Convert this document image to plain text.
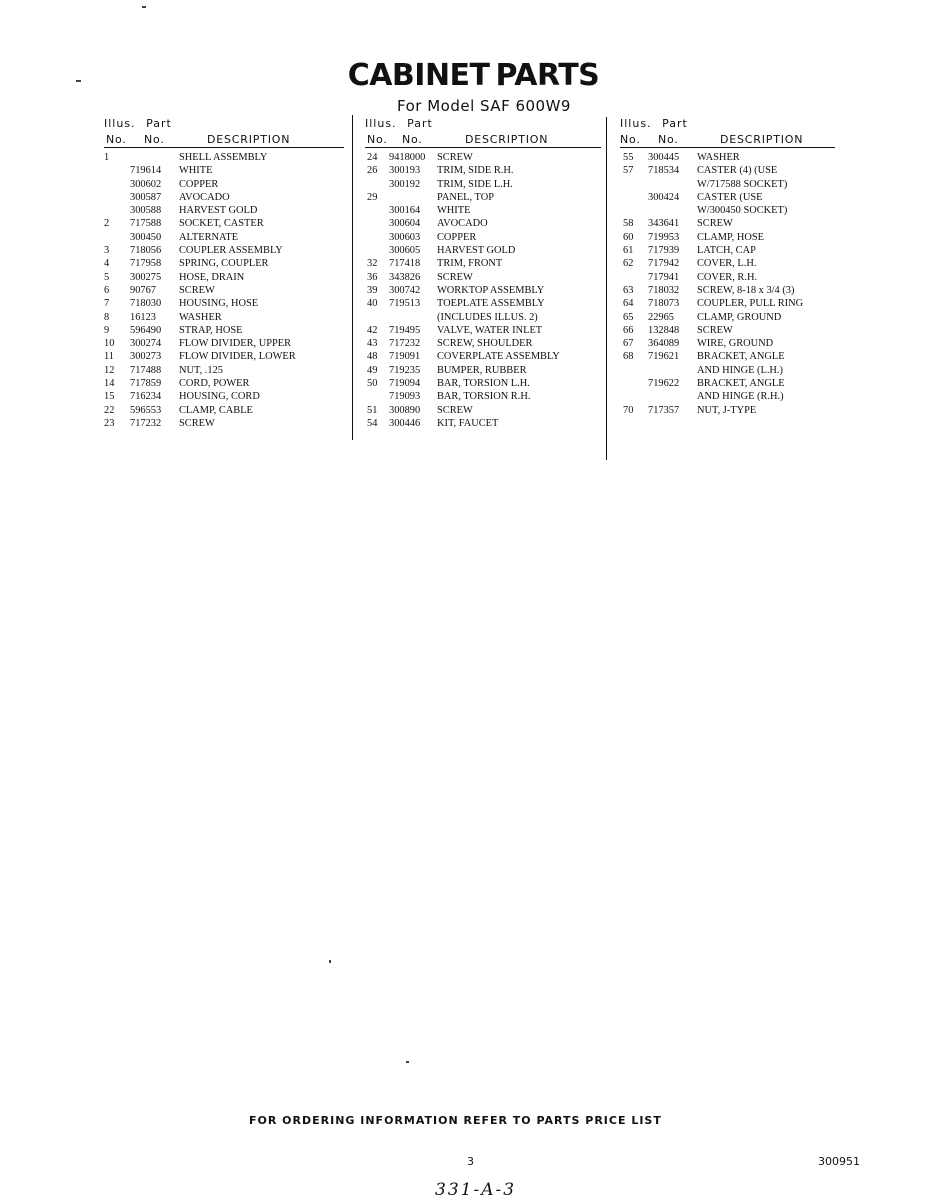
CABINET PARTS
For Model SAF 600W9
Illus. Part
No. No.	DESCRIPTION
1	SHELL ASSEMBLY
719614 WHITE
300602 COPPER
300587 AVOCADO
300588 HARVEST GOLD
2 717588 SOCKET, CASTER
300450 ALTERNATE
3 718056 COUPLER ASSEMBLY
4 717958 SPRING, COUPLER
5 300275 HOSE, DRAIN
6 90767 SCREW
7 718030 HOUSING, HOSE
8 16123 WASHER
9 596490 STRAP, HOSE
10 300274 FLOW DIVIDER, UPPER
11 300273 FLOW DIVIDER, LOWER
12 717488 NUT, .125
14 717859 CORD, POWER
15 716234 HOUSING, CORD
22 596553 CLAMP, CABLE
23 717232 SCREW
Illus. Part
No. No.	DESCRIPTION
24 9418000 SCREW
26 300193 TRIM, SIDE R.H.
300192 TRIM, SIDE L.H.
29	PANEL, TOP
300164 WHITE
300604 AVOCADO
300603 COPPER
300605 HARVEST GOLD
32 717418 TRIM, FRONT
36 343826 SCREW
39 300742 WORKTOP ASSEMBLY
40 719513 TOEPLATE ASSEMBLY
(INCLUDES ILLUS. 2)
42 719495 VALVE, WATER INLET
43 717232 SCREW, SHOULDER
48 719091 COVERPLATE ASSEMBLY
49 719235 BUMPER, RUBBER
50 719094 BAR, TORSION L.H.
719093 BAR, TORSION R.H.
51 300890 SCREW
54 300446 KIT, FAUCET
Illus. Part
No. No.	DESCRIPTION
55 300445 WASHER
57 718534 CASTER (4) (USE
W/717588 SOCKET)
300424 CASTER (USE
W/300450 SOCKET)
58 343641 SCREW
60 719953 CLAMP, HOSE
61 717939 LATCH, CAP
62 717942 COVER, L.H.
717941 COVER, R.H.
63 718032 SCREW, 8-18 x 3/4 (3)
64 718073 COUPLER, PULL RING
65 22965 CLAMP, GROUND
66 132848 SCREW
67 364089 WIRE, GROUND
68 719621 BRACKET, ANGLE
AND HINGE (L.H.)
719622 BRACKET, ANGLE
AND HINGE (R.H.)
70 717357 NUT, J-TYPE
FOR ORDERING INFORMATION REFER TO PARTS PRICE LIST
3	300951
331-A-3
